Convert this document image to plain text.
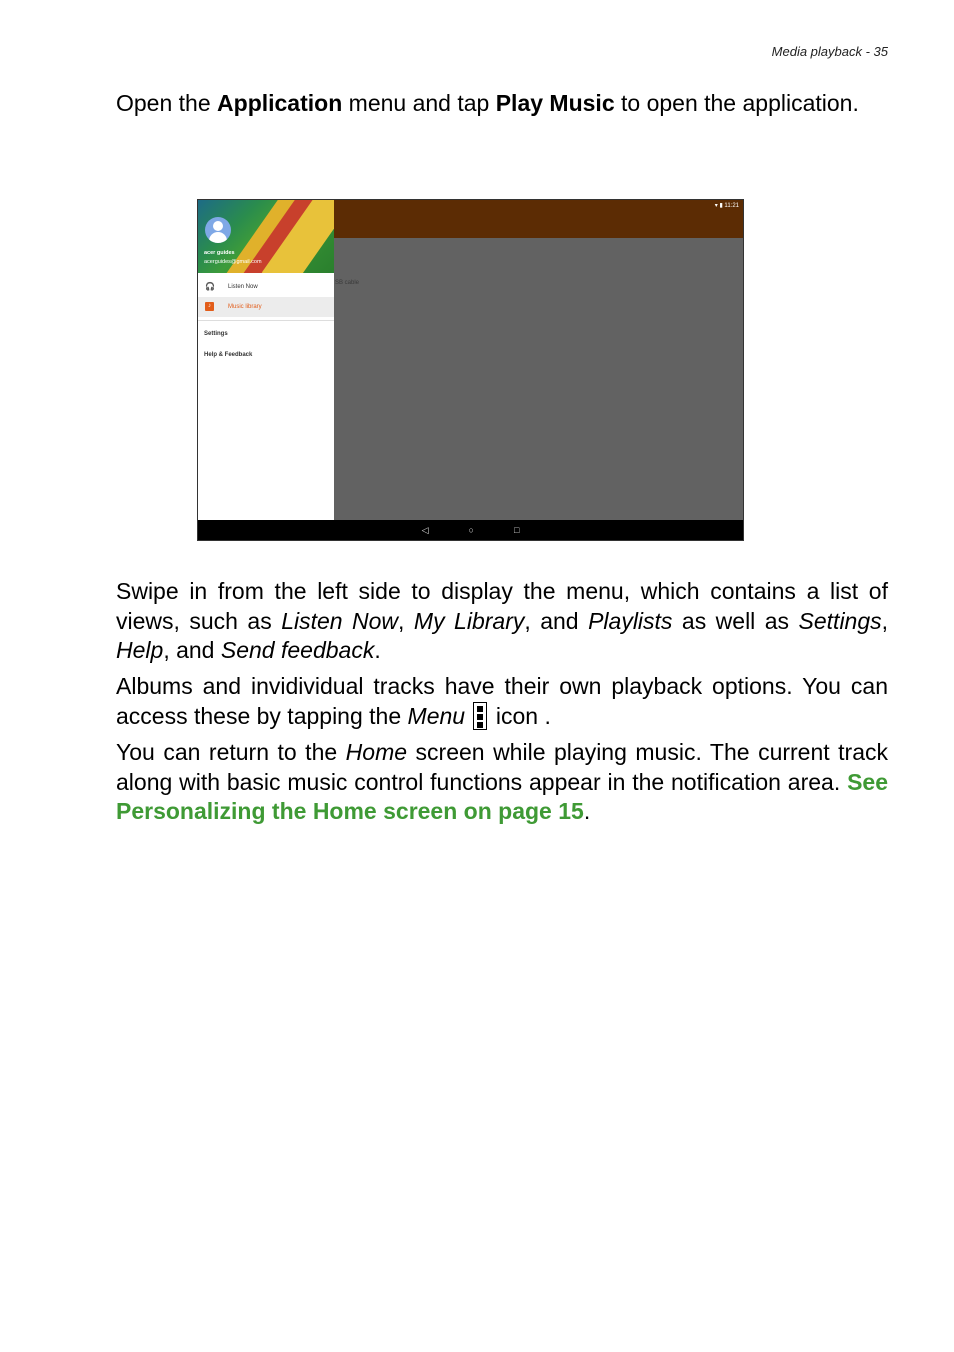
Media playback - 35

Open the Application menu and tap Play Music to open the application.

▾ ▮ 11:21
SB cable
acer guides
acerguides@gmail.com
🎧 Listen Now
♪	Music library
Settings
Help & Feedback
◁	○	□

Swipe in from the left side to display the menu, which contains a list of views, such as Listen Now, My Library, and Playlists as well as Settings, Help, and Send feedback.

Albums and invidividual tracks have their own playback options. You can access these by tapping the Menu
icon .

You can return to the Home screen while playing music. The current track along with basic music control functions appear in the notification area. See Personalizing the Home screen on page 15.
